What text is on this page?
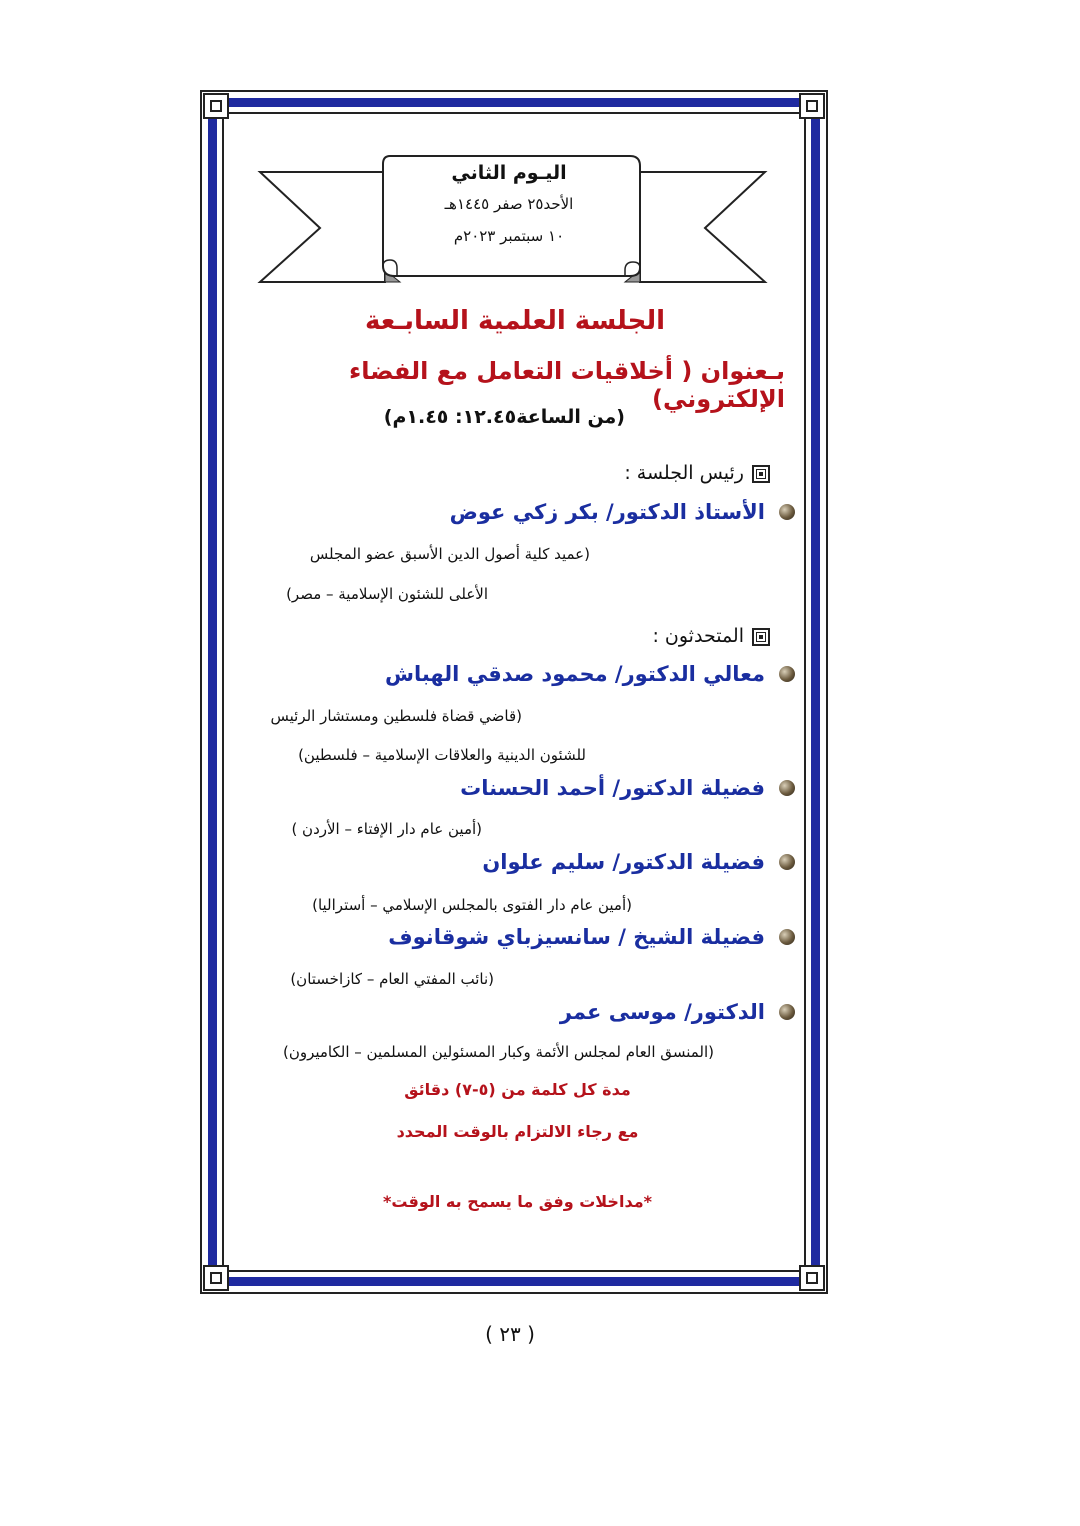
اليـوم الثاني
الأحد٢٥ صفر ١٤٤٥هـ
١٠ سبتمبر ٢٠٢٣م
الجلسة العلمية السابـعة
بـعنوان ( أخلاقيات التعامل مع الفضاء الإلكتروني)
(من الساعة١٢.٤٥: ١.٤٥م)
رئيس الجلسة :
الأستاذ الدكتور/ بكر زكي عوض
(عميد كلية أصول الدين الأسبق عضو المجلس
الأعلى للشئون الإسلامية – مصر)
المتحدثون :
معالي الدكتور/ محمود صدقي الهباش
(قاضي قضاة فلسطين ومستشار الرئيس
للشئون الدينية والعلاقات الإسلامية – فلسطين)
فضيلة الدكتور/ أحمد الحسنات
(أمين عام دار الإفتاء – الأردن )
فضيلة الدكتور/ سليم علوان
(أمين عام دار الفتوى بالمجلس الإسلامي – أستراليا)
فضيلة الشيخ / سانسيزباي شوقانوف
(نائب المفتي العام – كازاخستان)
الدكتور/ موسى عمر
(المنسق العام لمجلس الأئمة وكبار المسئولين المسلمين – الكاميرون)
مدة كل كلمة من (٥-٧) دقائق
مع رجاء الالتزام بالوقت المحدد
*مداخلات وفق ما يسمح به الوقت*
( ٢٣ )
